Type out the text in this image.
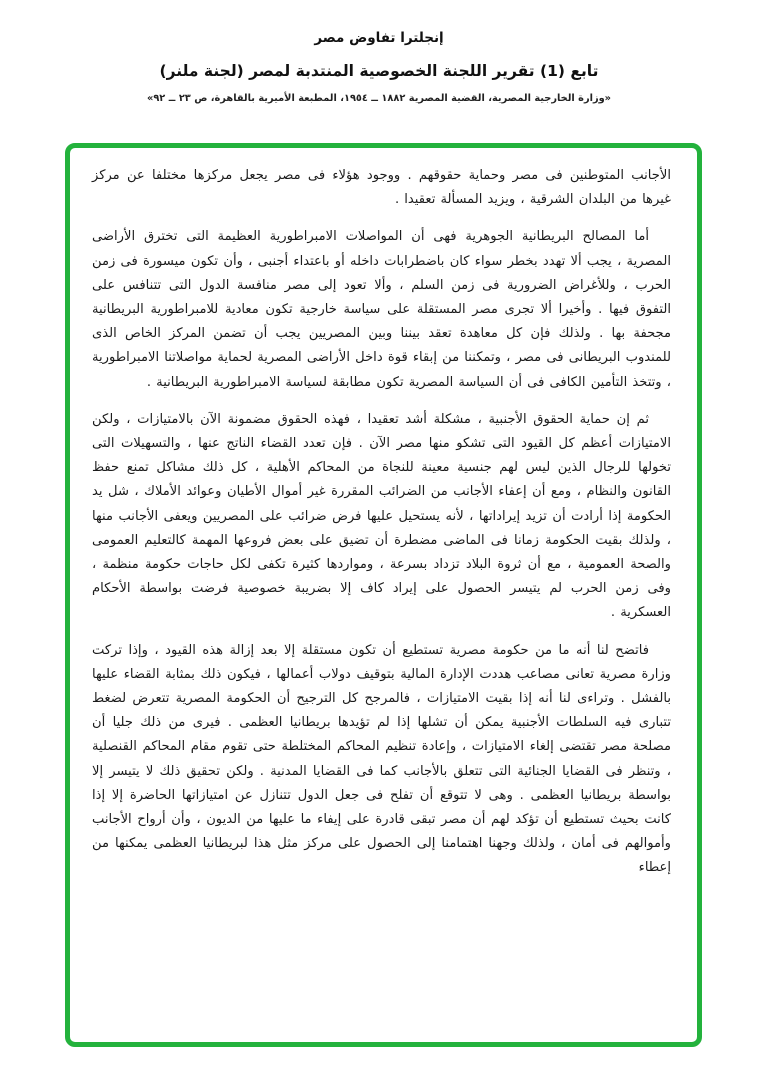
إنجلترا تفاوض مصر
تابع (1) تقرير اللجنة الخصوصية المنتدبة لمصر (لجنة ملنر)
«وزارة الخارجية المصرية، القضية المصرية ١٨٨٢ ــ ١٩٥٤، المطبعة الأميرية بالقاهرة، ص ٢٣ ــ ٩٢»

الأجانب المتوطنين فى مصر وحماية حقوقهم . ووجود هؤلاء فى مصر يجعل مركزها مختلفا عن مركز غيرها من البلدان الشرقية ، ويزيد المسألة تعقيدا .

أما المصالح البريطانية الجوهرية فهى أن المواصلات الامبراطورية العظيمة التى تخترق الأراضى المصرية ، يجب ألا تهدد بخطر سواء كان باضطرابات داخله أو باعتداء أجنبى ، وأن تكون ميسورة فى زمن الحرب ، وللأغراض الضرورية فى زمن السلم ، وألا تعود إلى مصر منافسة الدول التى تتنافس على التفوق فيها . وأخيرا ألا تجرى مصر المستقلة على سياسة خارجية تكون معادية للامبراطورية البريطانية مجحفة بها . ولذلك فإن كل معاهدة تعقد بيننا وبين المصريين يجب أن تضمن المركز الخاص الذى للمندوب البريطانى فى مصر ، وتمكننا من إبقاء قوة داخل الأراضى المصرية لحماية مواصلاتنا الامبراطورية ، وتتخذ التأمين الكافى فى أن السياسة المصرية تكون مطابقة لسياسة الامبراطورية البريطانية .

ثم إن حماية الحقوق الأجنبية ، مشكلة أشد تعقيدا ، فهذه الحقوق مضمونة الآن بالامتيازات ، ولكن الامتيازات أعظم كل القيود التى تشكو منها مصر الآن . فإن تعدد القضاء الناتج عنها ، والتسهيلات التى تخولها للرجال الذين ليس لهم جنسية معينة للنجاة من المحاكم الأهلية ، كل ذلك مشاكل تمنع حفظ القانون والنظام ، ومع أن إعفاء الأجانب من الضرائب المقررة غير أموال الأطيان وعوائد الأملاك ، شل يد الحكومة إذا أرادت أن تزيد إيراداتها ، لأنه يستحيل عليها فرض ضرائب على المصريين ويعفى الأجانب منها ، ولذلك بقيت الحكومة زمانا فى الماضى مضطرة أن تضيق على بعض فروعها المهمة كالتعليم العمومى والصحة العمومية ، مع أن ثروة البلاد تزداد بسرعة ، ومواردها كثيرة تكفى لكل حاجات حكومة منظمة ، وفى زمن الحرب لم يتيسر الحصول على إيراد كاف إلا بضريبة خصوصية فرضت بواسطة الأحكام العسكرية .

فاتضح لنا أنه ما من حكومة مصرية تستطيع أن تكون مستقلة إلا بعد إزالة هذه القيود ، وإذا تركت وزارة مصرية تعانى مصاعب هددت الإدارة المالية بتوقيف دولاب أعمالها ، فيكون ذلك بمثابة القضاء عليها بالفشل . وتراءى لنا أنه إذا بقيت الامتيازات ، فالمرجح كل الترجيح أن الحكومة المصرية تتعرض لضغط تتبارى فيه السلطات الأجنبية يمكن أن تشلها إذا لم تؤيدها بريطانيا العظمى . فيرى من ذلك جليا أن مصلحة مصر تقتضى إلغاء الامتيازات ، وإعادة تنظيم المحاكم المختلطة حتى تقوم مقام المحاكم القنصلية ، وتنظر فى القضايا الجنائية التى تتعلق بالأجانب كما فى القضايا المدنية . ولكن تحقيق ذلك لا يتيسر إلا بواسطة بريطانيا العظمى . وهى لا تتوقع أن تفلح فى جعل الدول تتنازل عن امتيازاتها الحاضرة إلا إذا كانت بحيث تستطيع أن تؤكد لهم أن مصر تبقى قادرة على إيفاء ما عليها من الديون ، وأن أرواح الأجانب وأموالهم فى أمان ، ولذلك وجهنا اهتمامنا إلى الحصول على مركز مثل هذا لبريطانيا العظمى يمكنها من إعطاء
